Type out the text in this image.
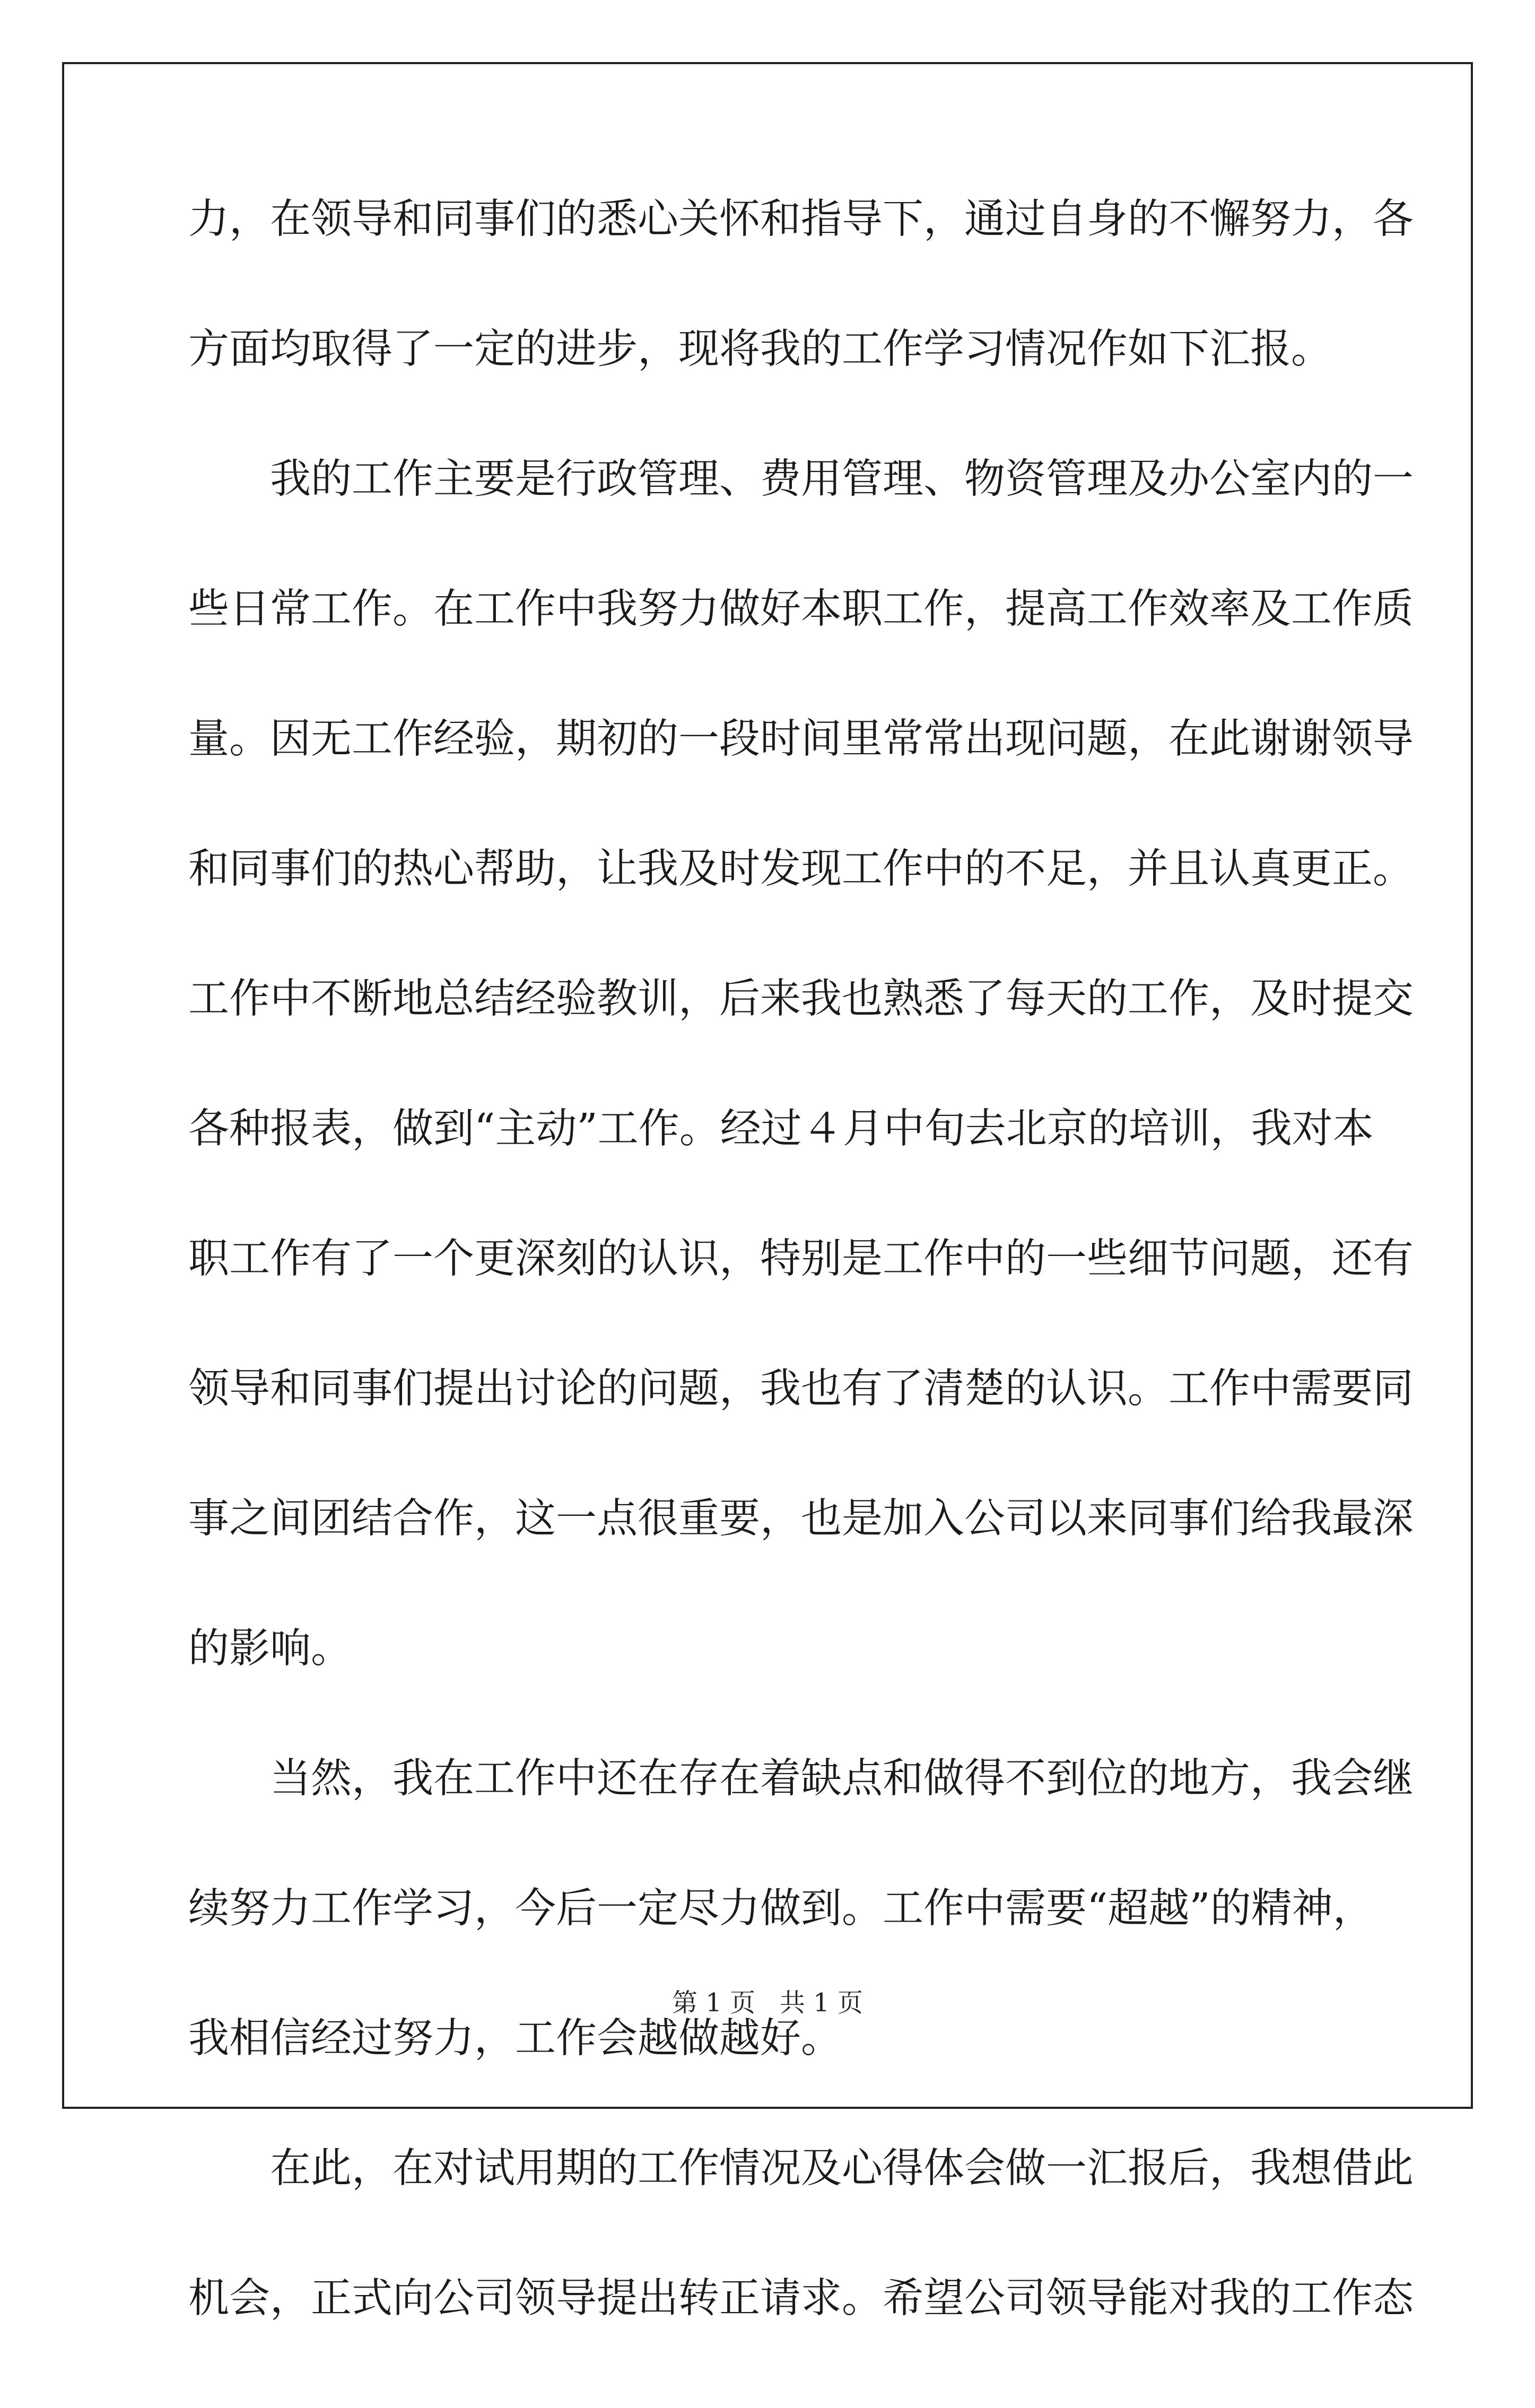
力，在领导和同事们的悉心关怀和指导下，通过自身的不懈努力，各
方面均取得了一定的进步，现将我的工作学习情况作如下汇报。
我的工作主要是行政管理、费用管理、物资管理及办公室内的一
些日常工作。在工作中我努力做好本职工作，提高工作效率及工作质
量。因无工作经验，期初的一段时间里常常出现问题，在此谢谢领导
和同事们的热心帮助，让我及时发现工作中的不足，并且认真更正。
工作中不断地总结经验教训，后来我也熟悉了每天的工作，及时提交
各种报表，做到“主动”工作。经过４月中旬去北京的培训，我对本
职工作有了一个更深刻的认识，特别是工作中的一些细节问题，还有
领导和同事们提出讨论的问题，我也有了清楚的认识。工作中需要同
事之间团结合作，这一点很重要，也是加入公司以来同事们给我最深
的影响。
当然，我在工作中还在存在着缺点和做得不到位的地方，我会继
续努力工作学习，今后一定尽力做到。工作中需要“超越”的精神，
我相信经过努力，工作会越做越好。
在此，在对试用期的工作情况及心得体会做一汇报后，我想借此
机会，正式向公司领导提出转正请求。希望公司领导能对我的工作态
第 1 页   共 1 页
